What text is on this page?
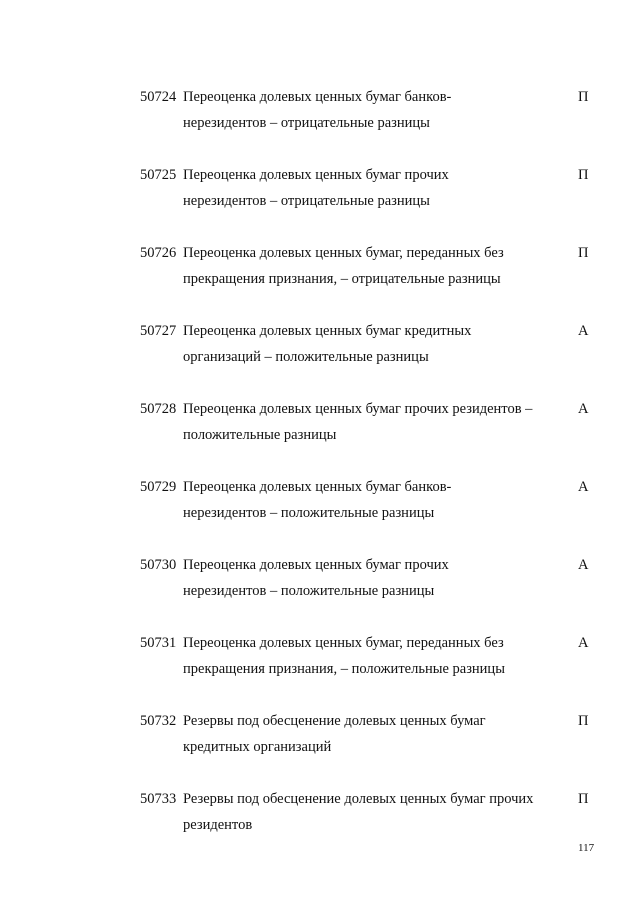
50724 Переоценка долевых ценных бумаг банков-
нерезидентов – отрицательные разницы
П
50725 Переоценка долевых ценных бумаг прочих
нерезидентов – отрицательные разницы
П
50726 Переоценка долевых ценных бумаг, переданных без
прекращения признания, – отрицательные разницы
П
50727 Переоценка долевых ценных бумаг кредитных
организаций – положительные разницы
А
50728 Переоценка долевых ценных бумаг прочих резидентов –
положительные разницы
А
50729 Переоценка долевых ценных бумаг банков-
нерезидентов – положительные разницы
А
50730 Переоценка долевых ценных бумаг прочих
нерезидентов – положительные разницы
А
50731 Переоценка долевых ценных бумаг, переданных без
прекращения признания, – положительные разницы
А
50732 Резервы под обесценение долевых ценных бумаг
кредитных организаций
П
50733 Резервы под обесценение долевых ценных бумаг прочих
резидентов
П
117
